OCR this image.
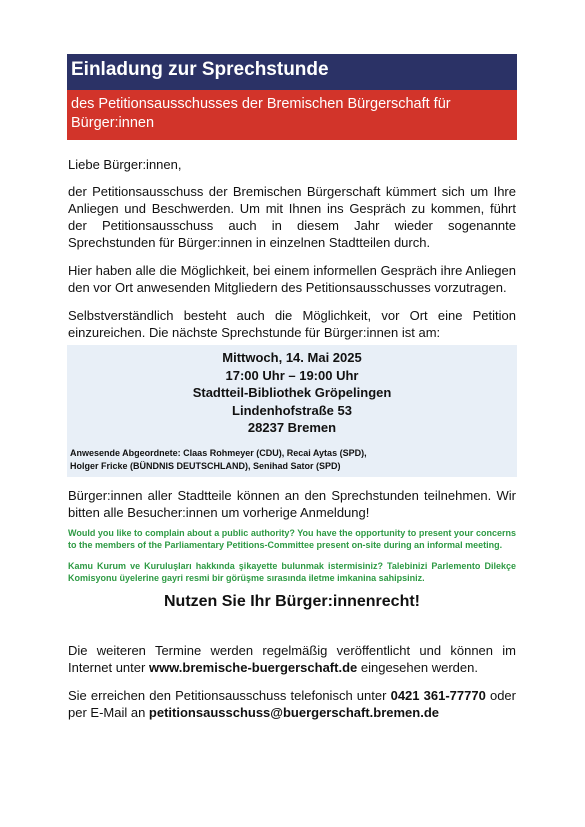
Einladung zur Sprechstunde
des Petitionsausschusses der Bremischen Bürgerschaft für Bürger:innen

Liebe Bürger:innen,

der Petitionsausschuss der Bremischen Bürgerschaft kümmert sich um Ihre Anliegen und Beschwerden. Um mit Ihnen ins Gespräch zu kommen, führt der Petitionsausschuss auch in diesem Jahr wieder sogenannte Sprechstunden für Bürger:innen in einzelnen Stadtteilen durch.

Hier haben alle die Möglichkeit, bei einem informellen Gespräch ihre Anliegen den vor Ort anwesenden Mitgliedern des Petitionsausschusses vorzutragen.

Selbstverständlich besteht auch die Möglichkeit, vor Ort eine Petition einzureichen. Die nächste Sprechstunde für Bürger:innen ist am:

Mittwoch, 14. Mai 2025
17:00 Uhr – 19:00 Uhr
Stadtteil-Bibliothek Gröpelingen
Lindenhofstraße 53
28237 Bremen
Anwesende Abgeordnete: Claas Rohmeyer (CDU), Recai Aytas (SPD),
Holger Fricke (BÜNDNIS DEUTSCHLAND), Senihad Sator (SPD)

Bürger:innen aller Stadtteile können an den Sprechstunden teilnehmen. Wir bitten alle Besucher:innen um vorherige Anmeldung!

Would you like to complain about a public authority? You have the opportunity to present your concerns to the members of the Parliamentary Petitions-Committee present on-site during an informal meeting.
Kamu Kurum ve Kuruluşları hakkında şikayette bulunmak istermisiniz? Talebinizi Parlemento Dilekçe Komisyonu üyelerine gayri resmi bir görüşme sırasında iletme imkanina sahipsiniz.
Nutzen Sie Ihr Bürger:innenrecht!

Die weiteren Termine werden regelmäßig veröffentlicht und können im Internet unter www.bremische-buergerschaft.de eingesehen werden.

Sie erreichen den Petitionsausschuss telefonisch unter 0421 361-77770 oder per E-Mail an petitionsausschuss@buergerschaft.bremen.de
